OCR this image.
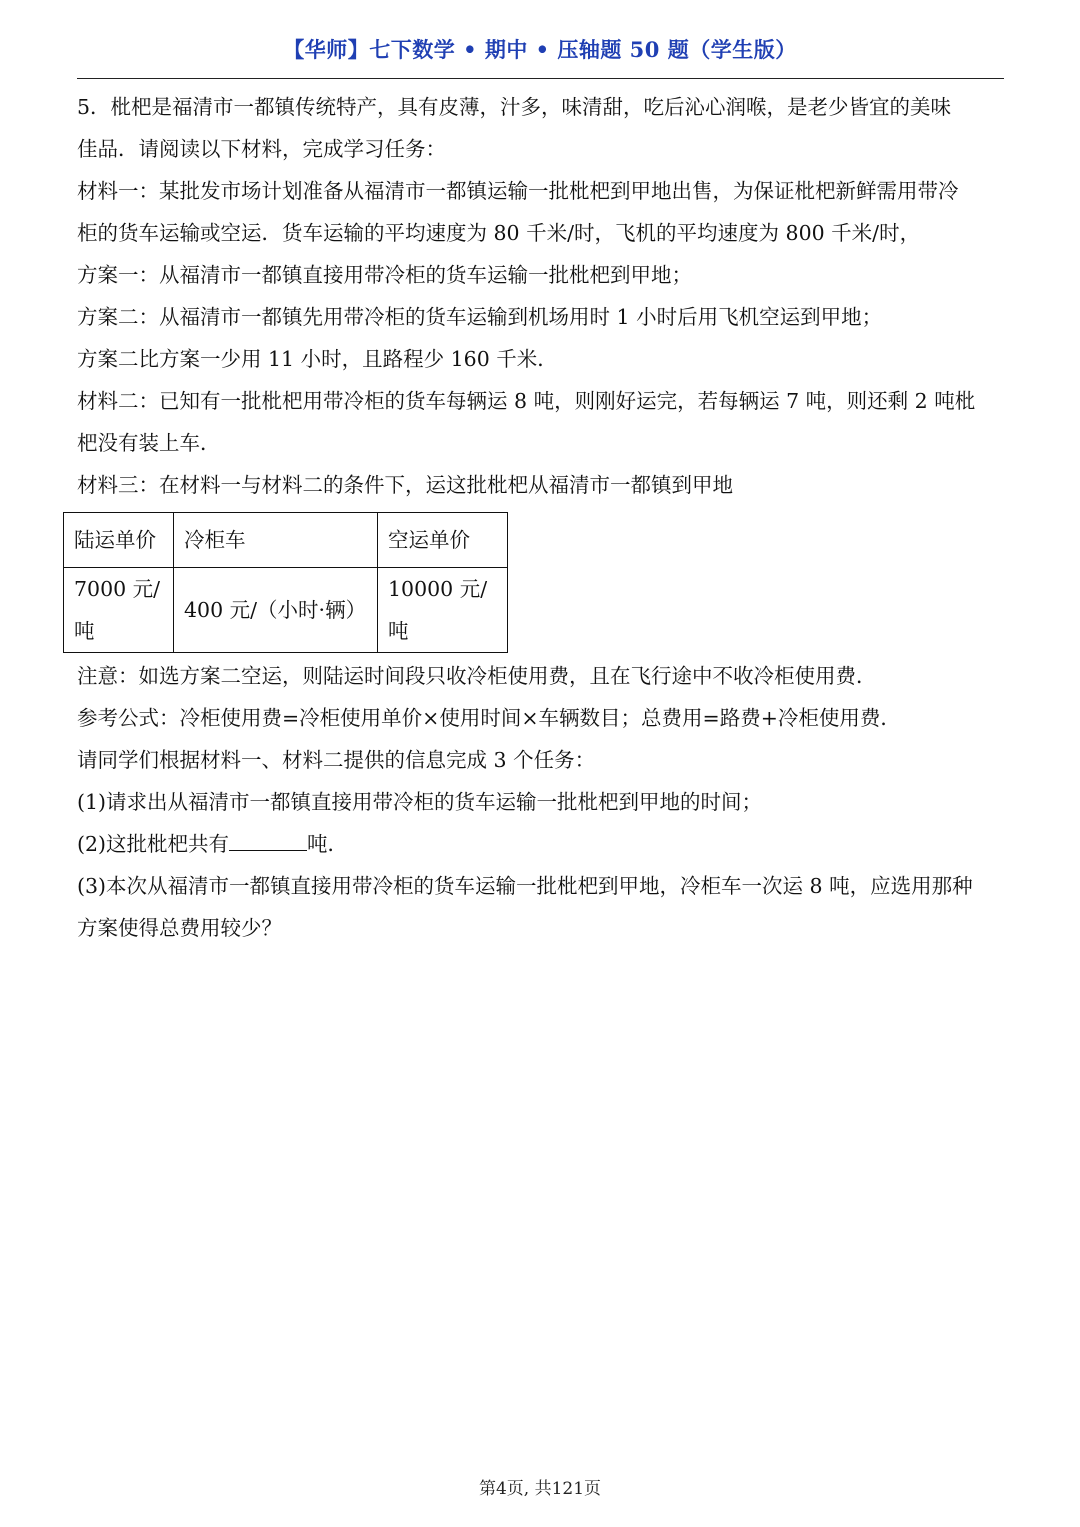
【华师】七下数学 • 期中 • 压轴题 50 题（学生版）

5．枇杷是福清市一都镇传统特产，具有皮薄，汁多，味清甜，吃后沁心润喉，是老少皆宜的美味

佳品．请阅读以下材料，完成学习任务：

材料一：某批发市场计划准备从福清市一都镇运输一批枇杷到甲地出售，为保证枇杷新鲜需用带冷

柜的货车运输或空运．货车运输的平均速度为 80 千米/时，飞机的平均速度为 800 千米/时，

方案一：从福清市一都镇直接用带冷柜的货车运输一批枇杷到甲地；

方案二：从福清市一都镇先用带冷柜的货车运输到机场用时 1 小时后用飞机空运到甲地；

方案二比方案一少用 11 小时，且路程少 160 千米．

材料二：已知有一批枇杷用带冷柜的货车每辆运 8 吨，则刚好运完，若每辆运 7 吨，则还剩 2 吨枇

杷没有装上车．

材料三：在材料一与材料二的条件下，运这批枇杷从福清市一都镇到甲地

陆运单价	冷柜车	空运单价
7000 元/吨	400 元/（小时·辆）	10000 元/吨

注意：如选方案二空运，则陆运时间段只收冷柜使用费，且在飞行途中不收冷柜使用费．

参考公式：冷柜使用费=冷柜使用单价×使用时间×车辆数目；总费用=路费+冷柜使用费．

请同学们根据材料一、材料二提供的信息完成 3 个任务：

(1)请求出从福清市一都镇直接用带冷柜的货车运输一批枇杷到甲地的时间；

(2)这批枇杷共有	吨．

(3)本次从福清市一都镇直接用带冷柜的货车运输一批枇杷到甲地，冷柜车一次运 8 吨，应选用那种

方案使得总费用较少？

第4页, 共121页
